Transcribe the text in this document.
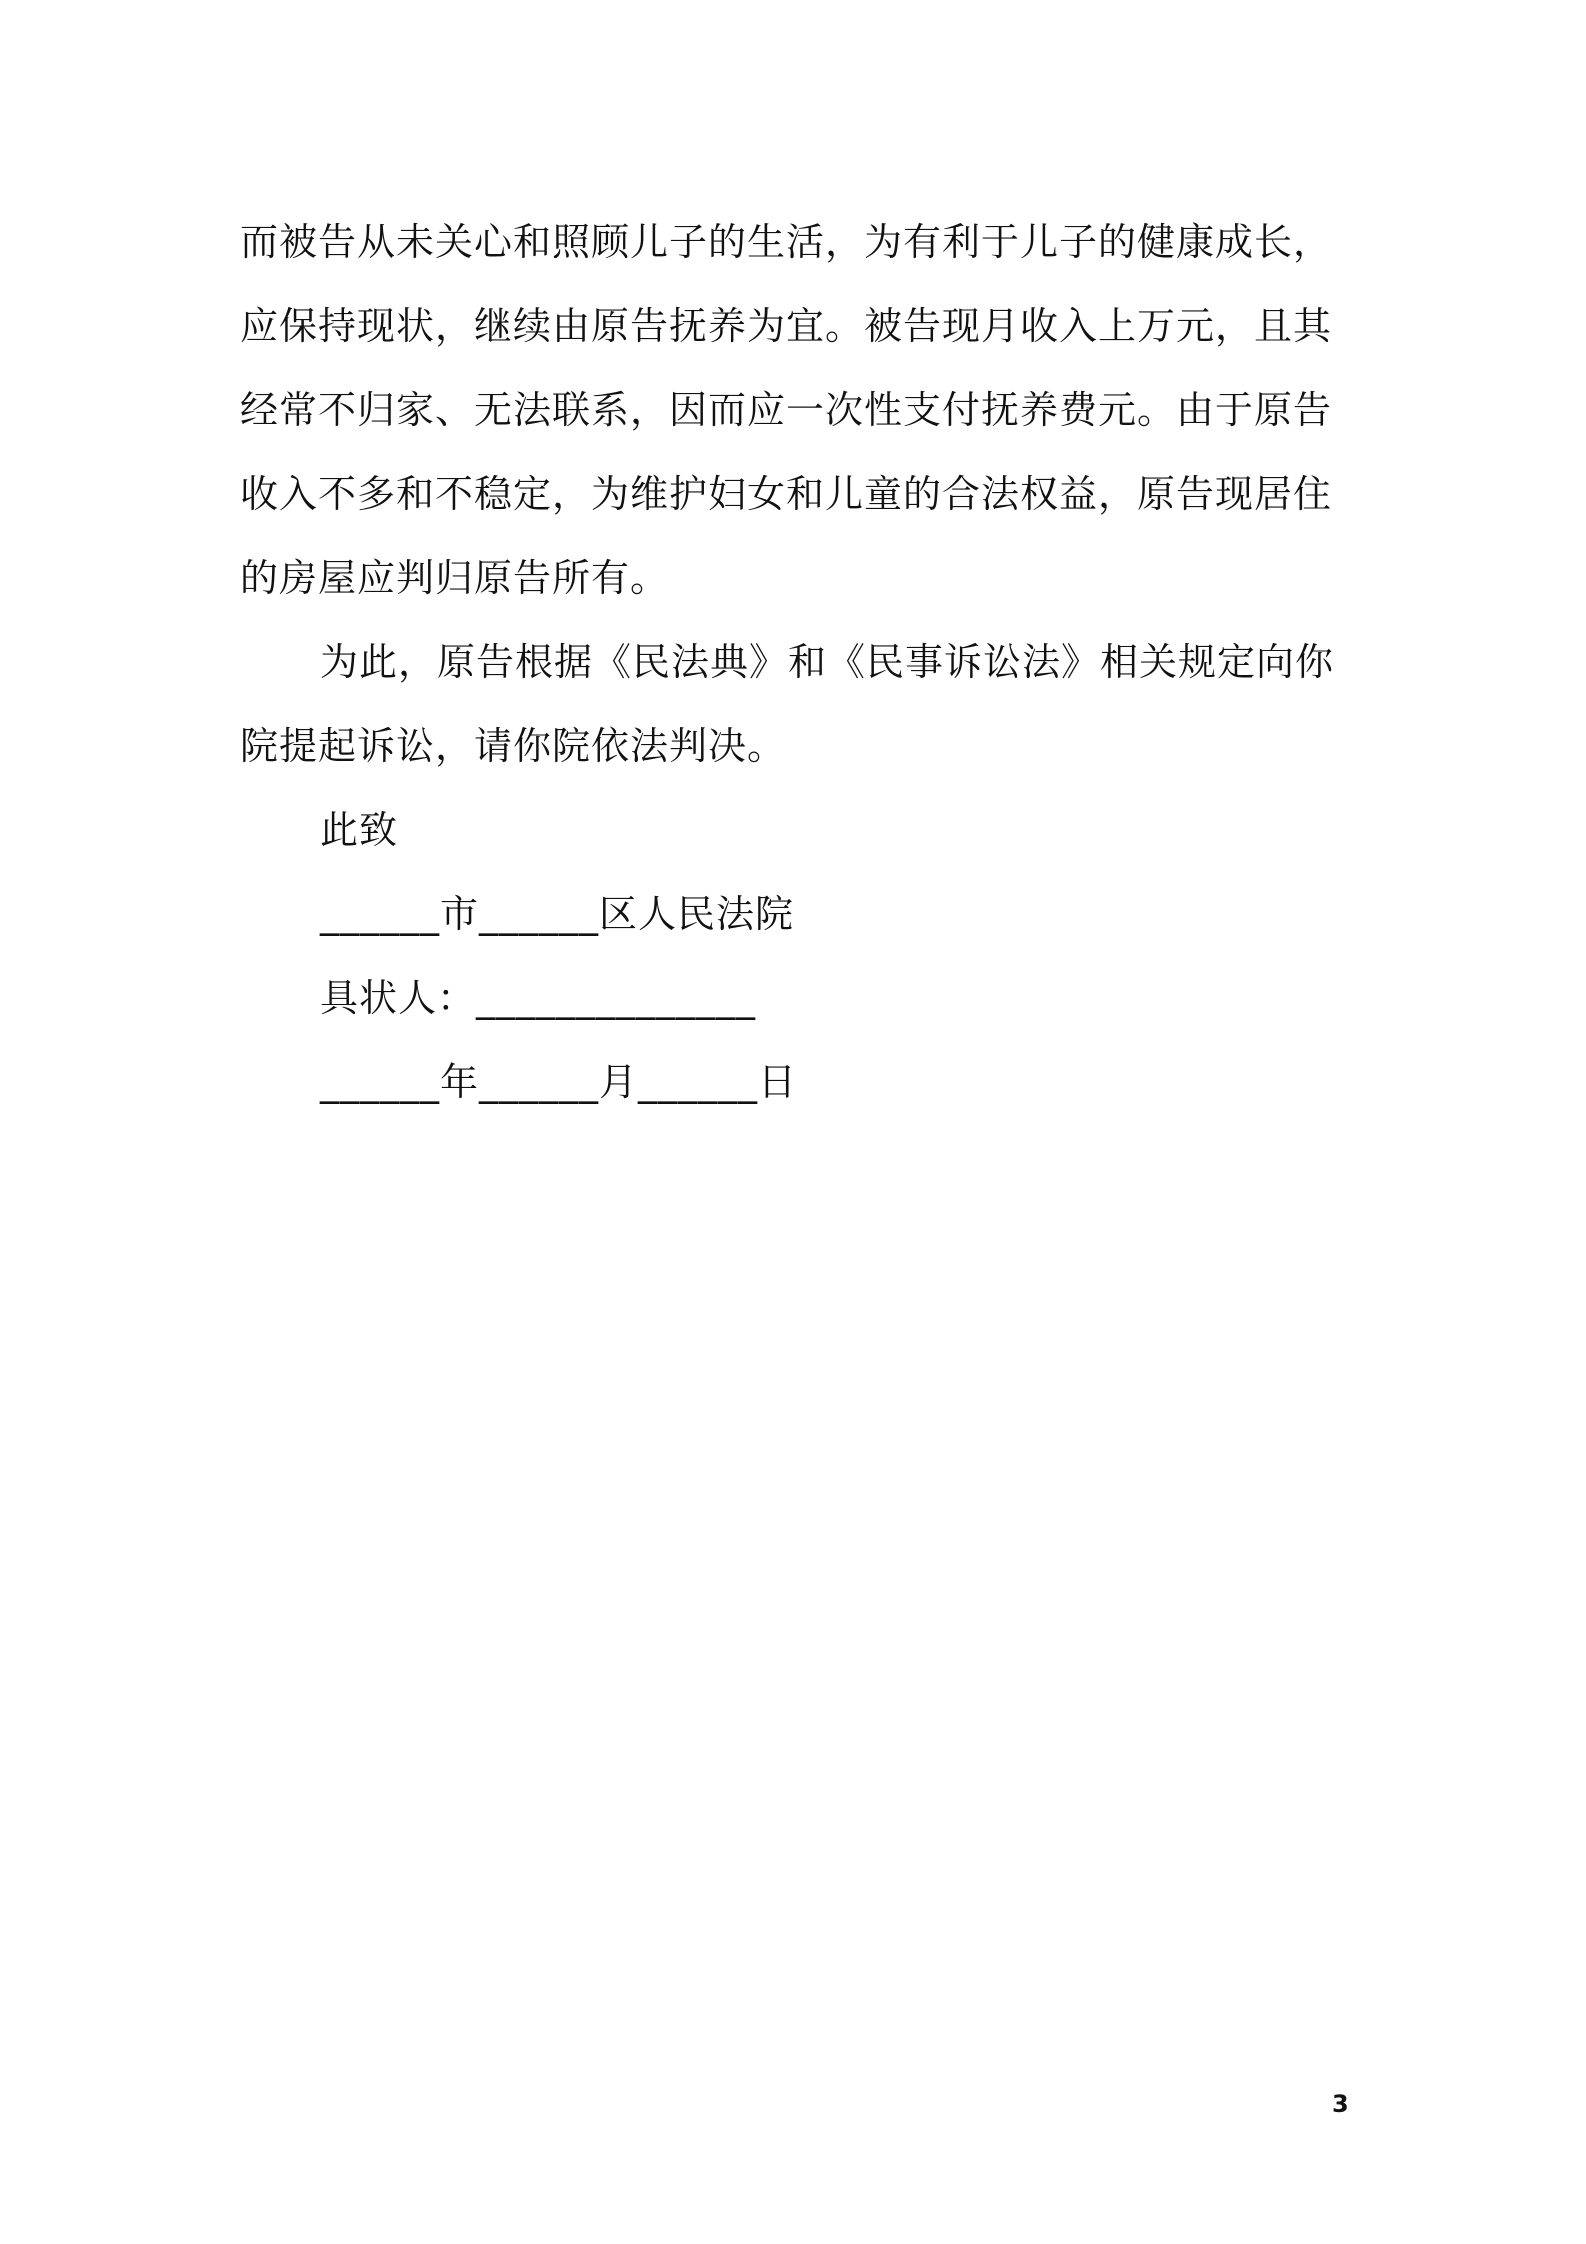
而被告从未关心和照顾儿子的生活，为有利于儿子的健康成长，
应保持现状，继续由原告抚养为宜。被告现月收入上万元，且其
经常不归家、无法联系，因而应一次性支付抚养费元。由于原告
收入不多和不稳定，为维护妇女和儿童的合法权益，原告现居住
的房屋应判归原告所有。
为此，原告根据《民法典》和《民事诉讼法》相关规定向你
院提起诉讼，请你院依法判决。
此致
______市______区人民法院
具状人：______________
______年______月______日
3
